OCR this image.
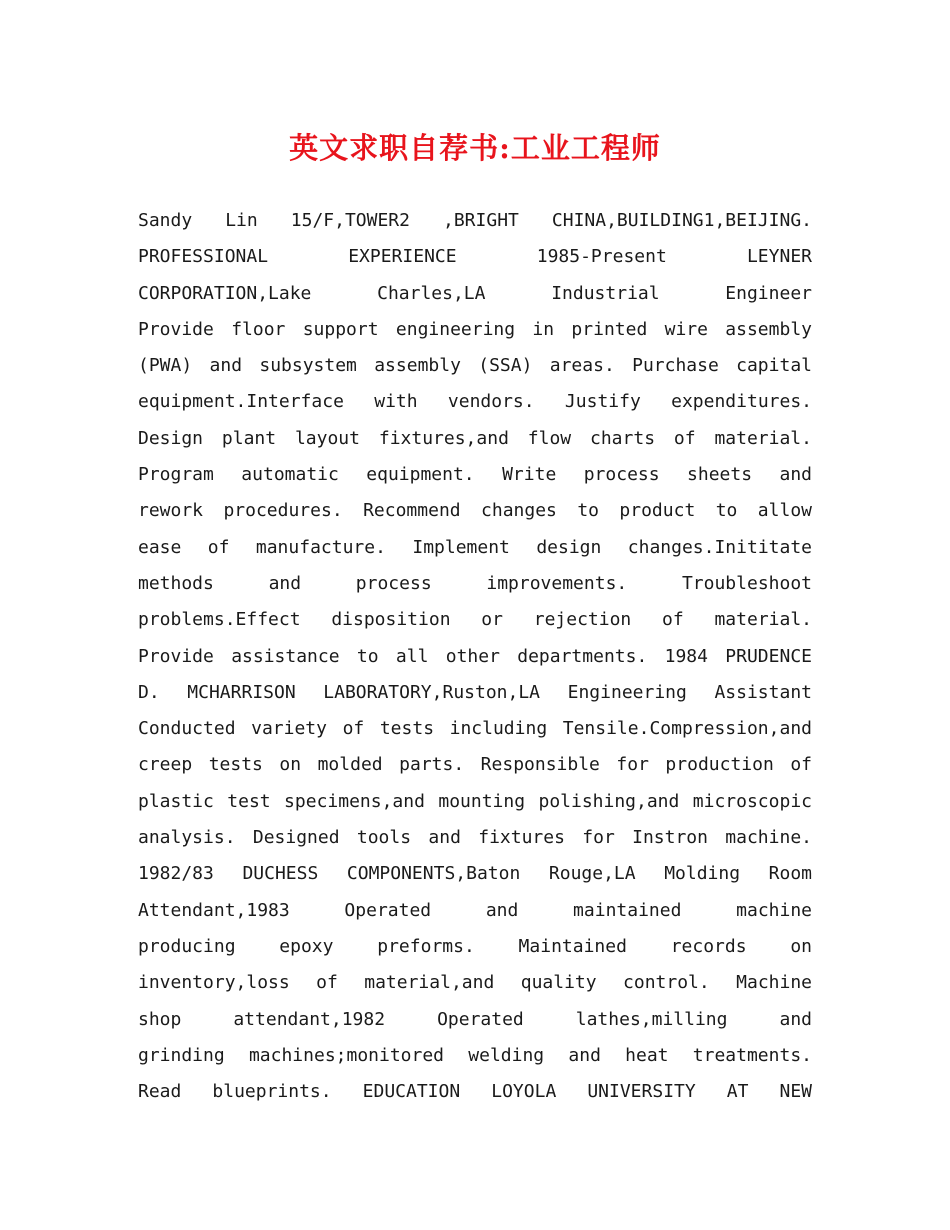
英文求职自荐书:工业工程师
Sandy Lin 15/F,TOWER2 ,BRIGHT CHINA,BUILDING1,BEIJING.
PROFESSIONAL EXPERIENCE 1985-Present LEYNER
CORPORATION,Lake Charles,LA Industrial Engineer
Provide floor support engineering in printed wire assembly
(PWA) and subsystem assembly (SSA) areas. Purchase capital
equipment.Interface with vendors. Justify expenditures.
Design plant layout fixtures,and flow charts of material.
Program automatic equipment. Write process sheets and
rework procedures. Recommend changes to product to allow
ease of manufacture. Implement design changes.Inititate
methods and process improvements. Troubleshoot
problems.Effect disposition or rejection of material.
Provide assistance to all other departments. 1984 PRUDENCE
D. MCHARRISON LABORATORY,Ruston,LA Engineering Assistant
Conducted variety of tests including Tensile.Compression,and
creep tests on molded parts. Responsible for production of
plastic test specimens,and mounting polishing,and microscopic
analysis. Designed tools and fixtures for Instron machine.
1982/83 DUCHESS COMPONENTS,Baton Rouge,LA Molding Room
Attendant,1983 Operated and maintained machine
producing epoxy preforms. Maintained records on
inventory,loss of material,and quality control. Machine
shop attendant,1982 Operated lathes,milling and
grinding machines;monitored welding and heat treatments.
Read blueprints. EDUCATION LOYOLA UNIVERSITY AT NEW
